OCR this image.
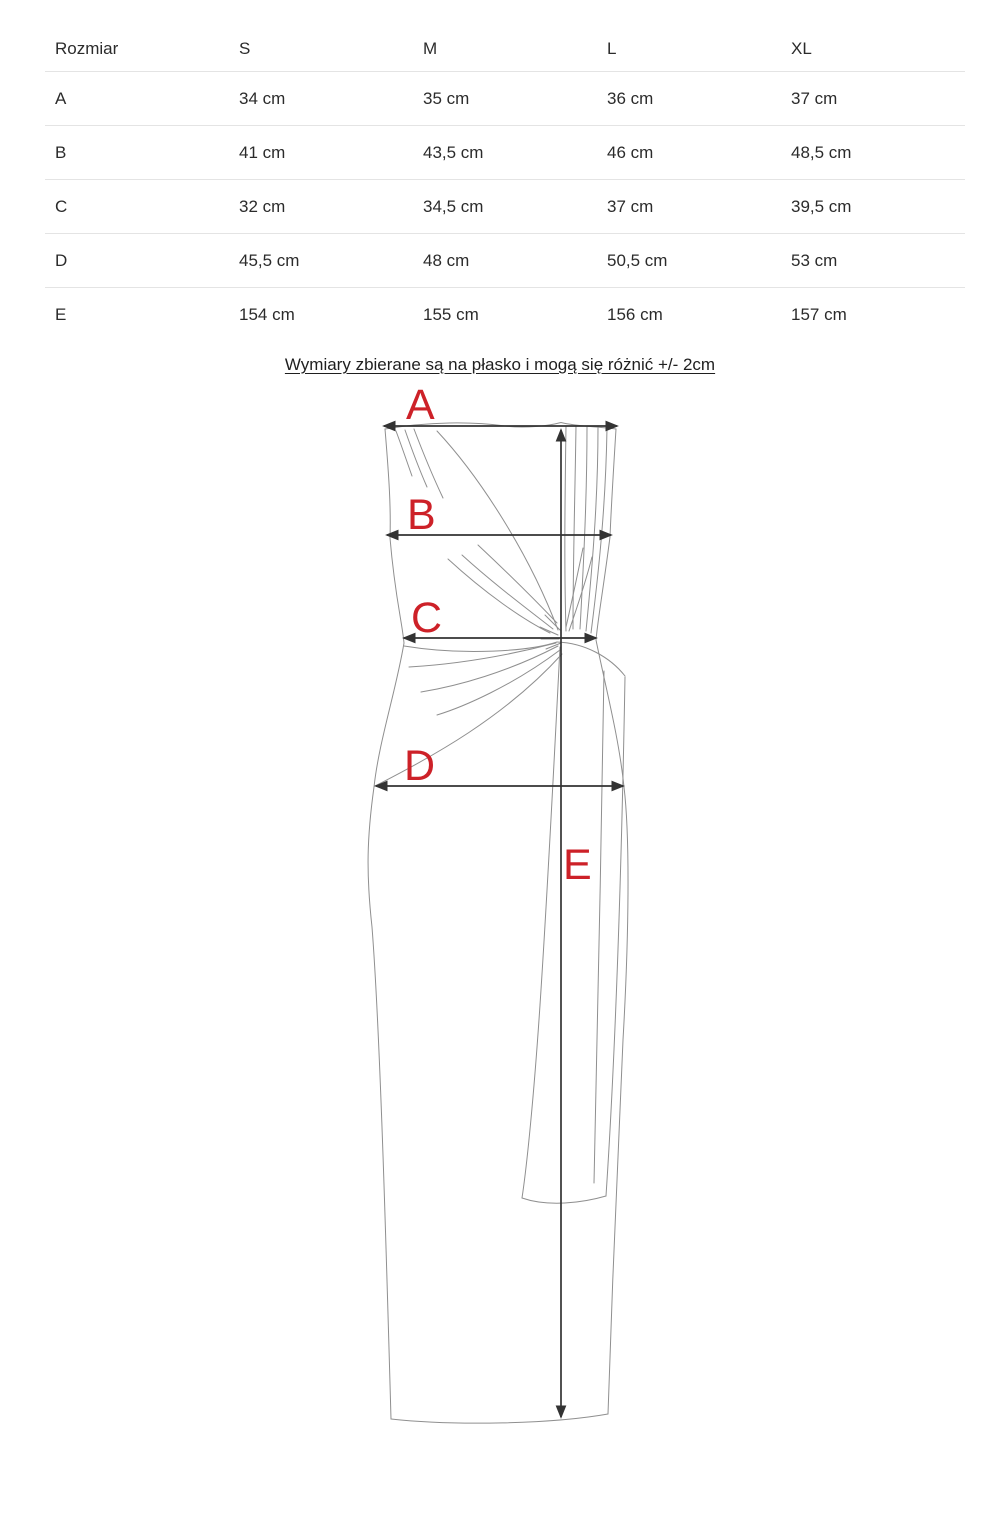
Rozmiar	S	M	L	XL
A	34 cm	35 cm	36 cm	37 cm
B	41 cm	43,5 cm	46 cm	48,5 cm
C	32 cm	34,5 cm	37 cm	39,5 cm
D	45,5 cm	48 cm	50,5 cm	53 cm
E	154 cm	155 cm	156 cm	157 cm

Wymiary zbierane są na płasko i mogą się różnić +/- 2cm

A
B
C
D
E
